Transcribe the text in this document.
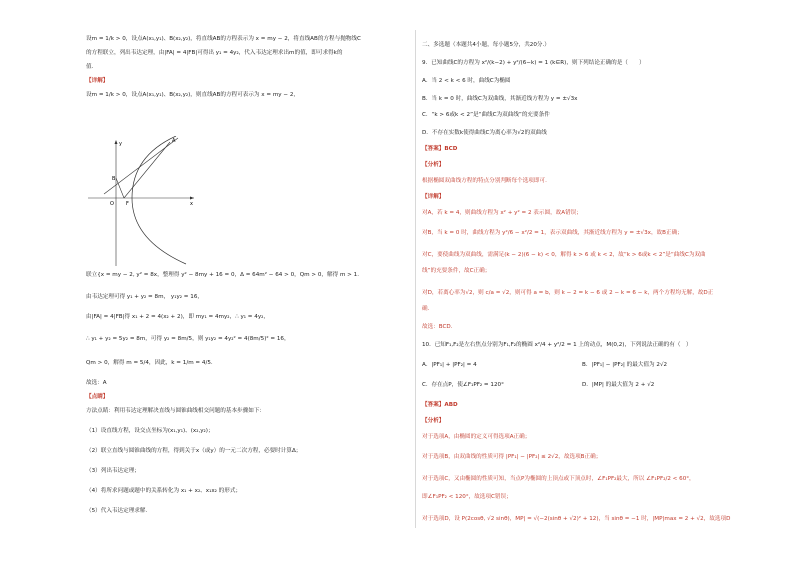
设m = 1/k > 0，设点A(x₁,y₁)、B(x₂,y₂)，将直线AB的方程表示为 x = my − 2，将直线AB的方程与抛物线C
的方程联立，列出韦达定理，由|FA| = 4|FB|可得出 y₁ = 4y₂，代入韦达定理求出m的值，即可求得k的
值.
【详解】
设m = 1/k > 0，设点A(x₁,y₁)、B(x₂,y₂)，则直线AB的方程可表示为 x = my − 2，
联立{x = my − 2, y² = 8x，整理得 y² − 8my + 16 = 0，Δ = 64m² − 64 > 0，Qm > 0，解得 m > 1.
由韦达定理可得 y₁ + y₂ = 8m， y₁y₂ = 16，
由|FA| = 4|FB|得 x₁ + 2 = 4(x₂ + 2)，即 my₁ = 4my₂，∴ y₁ = 4y₂，
∴ y₁ + y₂ = 5y₂ = 8m，可得 y₂ = 8m/5，则 y₁y₂ = 4y₂² = 4(8m/5)² = 16，
Qm > 0，解得 m = 5/4，因此，k = 1/m = 4/5.
故选：A
【点睛】
方法点睛：利用韦达定理解决直线与圆锥曲线相交问题的基本步骤如下：
（1）设直线方程，设交点坐标为(x₁,y₁)、(x₂,y₂)；
（2）联立直线与圆锥曲线的方程，得到关于x（或y）的一元二次方程，必要时计算Δ；
（3）列出韦达定理；
（4）将所求问题或题中的关系转化为 x₁ + x₂、x₁x₂ 的形式；
（5）代入韦达定理求解.
y
x
A
B
O F
二、多选题（本题共4小题，每小题5分，共20分.）
9．已知曲线C的方程为 x²/(k−2) + y²/(6−k) = 1 (k∈R)，则下列结论正确的是（　　）
A．当 2 < k < 6 时，曲线C为椭圆
B．当 k = 0 时，曲线C为双曲线，其渐近线方程为 y = ±√3x
C．“k > 6或k < 2”是“曲线C为双曲线”的充要条件
D．不存在实数k使得曲线C为离心率为√2的双曲线
【答案】BCD
【分析】
根据椭圆双曲线方程的特点分别判断每个选项即可.
【详解】
对A，若 k = 4，则曲线方程为 x² + y² = 2 表示圆，故A错误；
对B，当 k = 0 时，曲线方程为 y²/6 − x²/2 = 1，表示双曲线，其渐近线方程为 y = ±√3x，故B正确；
对C，要使曲线为双曲线，需满足(k − 2)(6 − k) < 0，解得 k > 6 或 k < 2，故“k > 6或k < 2”是“曲线C为双曲
线”的充要条件，故C正确；
对D，若离心率为√2，则 c/a = √2，则可得 a = b，则 k − 2 = k − 6 或 2 − k = 6 − k，两个方程均无解，故D正
确.
故选：BCD.
10．已知F₁,F₂是左右焦点分别为F₁,F₂的椭圆 x²/4 + y²/2 = 1 上的动点，M(0,2)，下列说法正确的有（　）
A．|PF₁| + |PF₂| = 4	B．|PF₁| − |PF₂| 的最大值为 2√2
C．存在点P，使∠F₁PF₂ = 120°	D．|MP| 的最大值为 2 + √2
【答案】ABD
【分析】
对于选项A，由椭圆的定义可得选项A正确；
对于选项B，由双曲线的性质可得 |PF₁| − |PF₂| ≤ 2√2，故选项B正确；
对于选项C，又由椭圆的性质可知，当点P为椭圆的上顶点或下顶点时，∠F₁PF₂最大，所以 ∠F₁PF₂/2 < 60°，
即∠F₁PF₂ < 120°，故选项C错误；
对于选项D，设 P(2cosθ, √2 sinθ)，MP| = √(−2(sinθ + √2)² + 12)，当 sinθ = −1 时，|MP|max = 2 + √2，故选项D
